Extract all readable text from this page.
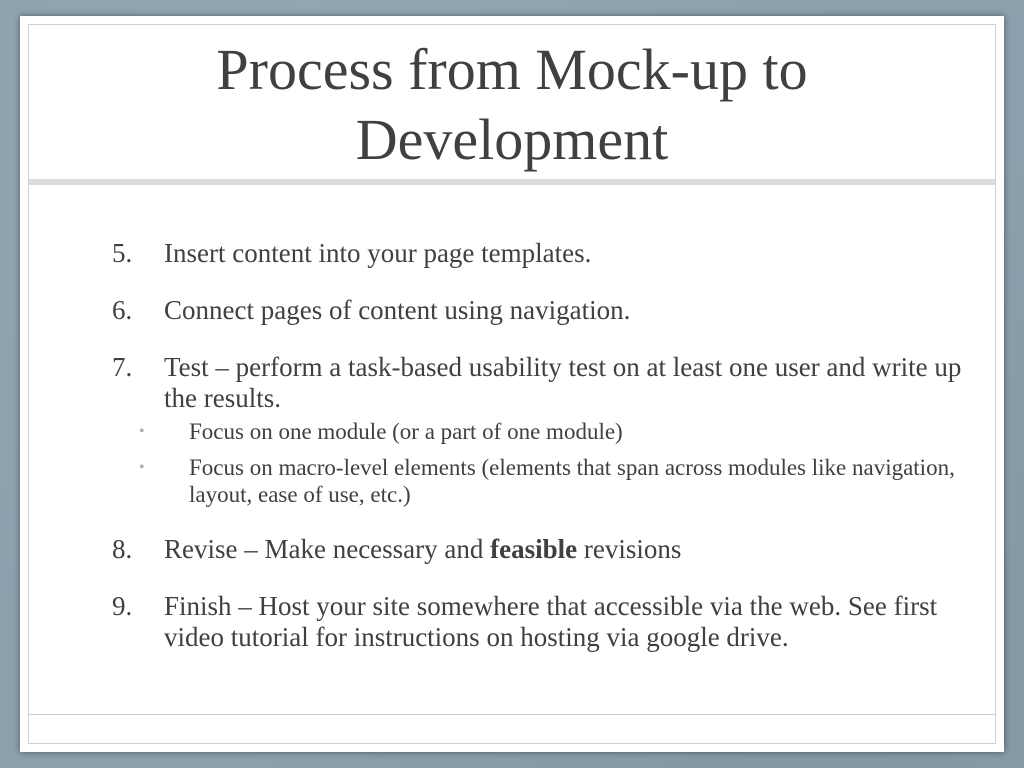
Process from Mock-up to Development
5. Insert content into your page templates.
6. Connect pages of content using navigation.
7. Test – perform a task-based usability test on at least one user and write up the results.
• Focus on one module (or a part of one module)
• Focus on macro-level elements (elements that span across modules like navigation, layout, ease of use, etc.)
8. Revise – Make necessary and feasible revisions
9. Finish – Host your site somewhere that accessible via the web. See first video tutorial for instructions on hosting via google drive.
